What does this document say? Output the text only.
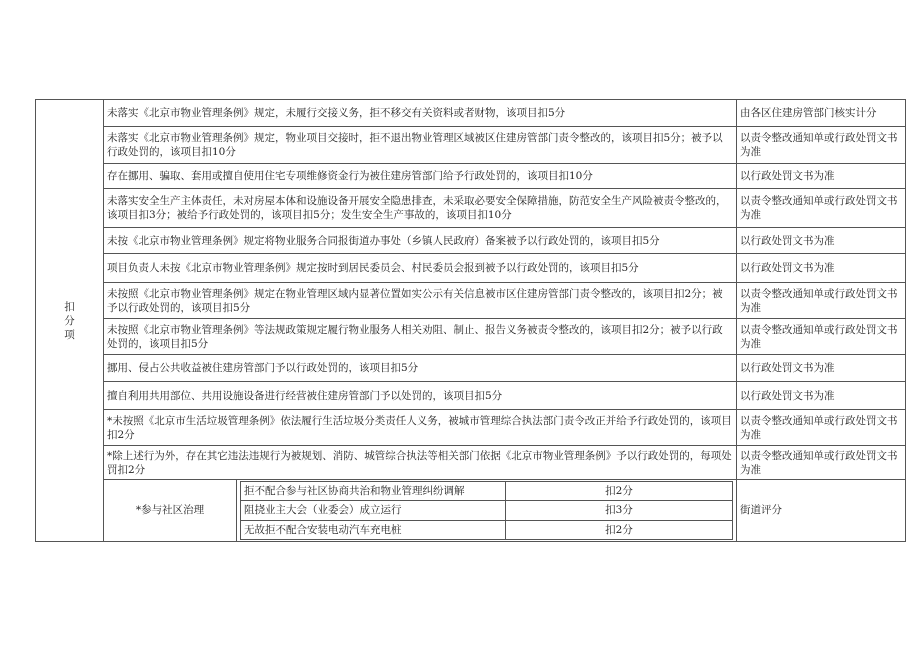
扣
分
项
	未落实《北京市物业管理条例》规定，未履行交接义务，拒不移交有关资料或者财物，该项目扣5分	由各区住建房管部门核实计分
未落实《北京市物业管理条例》规定，物业项目交接时，拒不退出物业管理区域被区住建房管部门责令整改的，该项目扣5分；被予以行政处罚的，该项目扣10分	以责令整改通知单或行政处罚文书为准
存在挪用、骗取、套用或擅自使用住宅专项维修资金行为被住建房管部门给予行政处罚的，该项目扣10分	以行政处罚文书为准
未落实安全生产主体责任，未对房屋本体和设施设备开展安全隐患排查，未采取必要安全保障措施，防范安全生产风险被责令整改的，该项目扣3分；被给予行政处罚的，该项目扣5分；发生安全生产事故的，该项目扣10分	以责令整改通知单或行政处罚文书为准
未按《北京市物业管理条例》规定将物业服务合同报街道办事处（乡镇人民政府）备案被予以行政处罚的，该项目扣5分	以行政处罚文书为准
项目负责人未按《北京市物业管理条例》规定按时到居民委员会、村民委员会报到被予以行政处罚的，该项目扣5分	以行政处罚文书为准
未按照《北京市物业管理条例》规定在物业管理区域内显著位置如实公示有关信息被市区住建房管部门责令整改的，该项目扣2分；被予以行政处罚的，该项目扣5分	以责令整改通知单或行政处罚文书为准
未按照《北京市物业管理条例》等法规政策规定履行物业服务人相关劝阻、制止、报告义务被责令整改的，该项目扣2分；被予以行政处罚的，该项目扣5分	以责令整改通知单或行政处罚文书为准
挪用、侵占公共收益被住建房管部门予以行政处罚的，该项目扣5分	以行政处罚文书为准
擅自利用共用部位、共用设施设备进行经营被住建房管部门予以处罚的，该项目扣5分	以行政处罚文书为准
*未按照《北京市生活垃圾管理条例》依法履行生活垃圾分类责任人义务，被城市管理综合执法部门责令改正并给予行政处罚的，该项目扣2分	以责令整改通知单或行政处罚文书为准
*除上述行为外，存在其它违法违规行为被规划、消防、城管综合执法等相关部门依据《北京市物业管理条例》予以行政处罚的，每项处罚扣2分	以责令整改通知单或行政处罚文书为准
*参与社区治理	
拒不配合参与社区协商共治和物业管理纠纷调解	扣2分
阻挠业主大会（业委会）成立运行	扣3分
无故拒不配合安装电动汽车充电桩	扣2分
	街道评分
